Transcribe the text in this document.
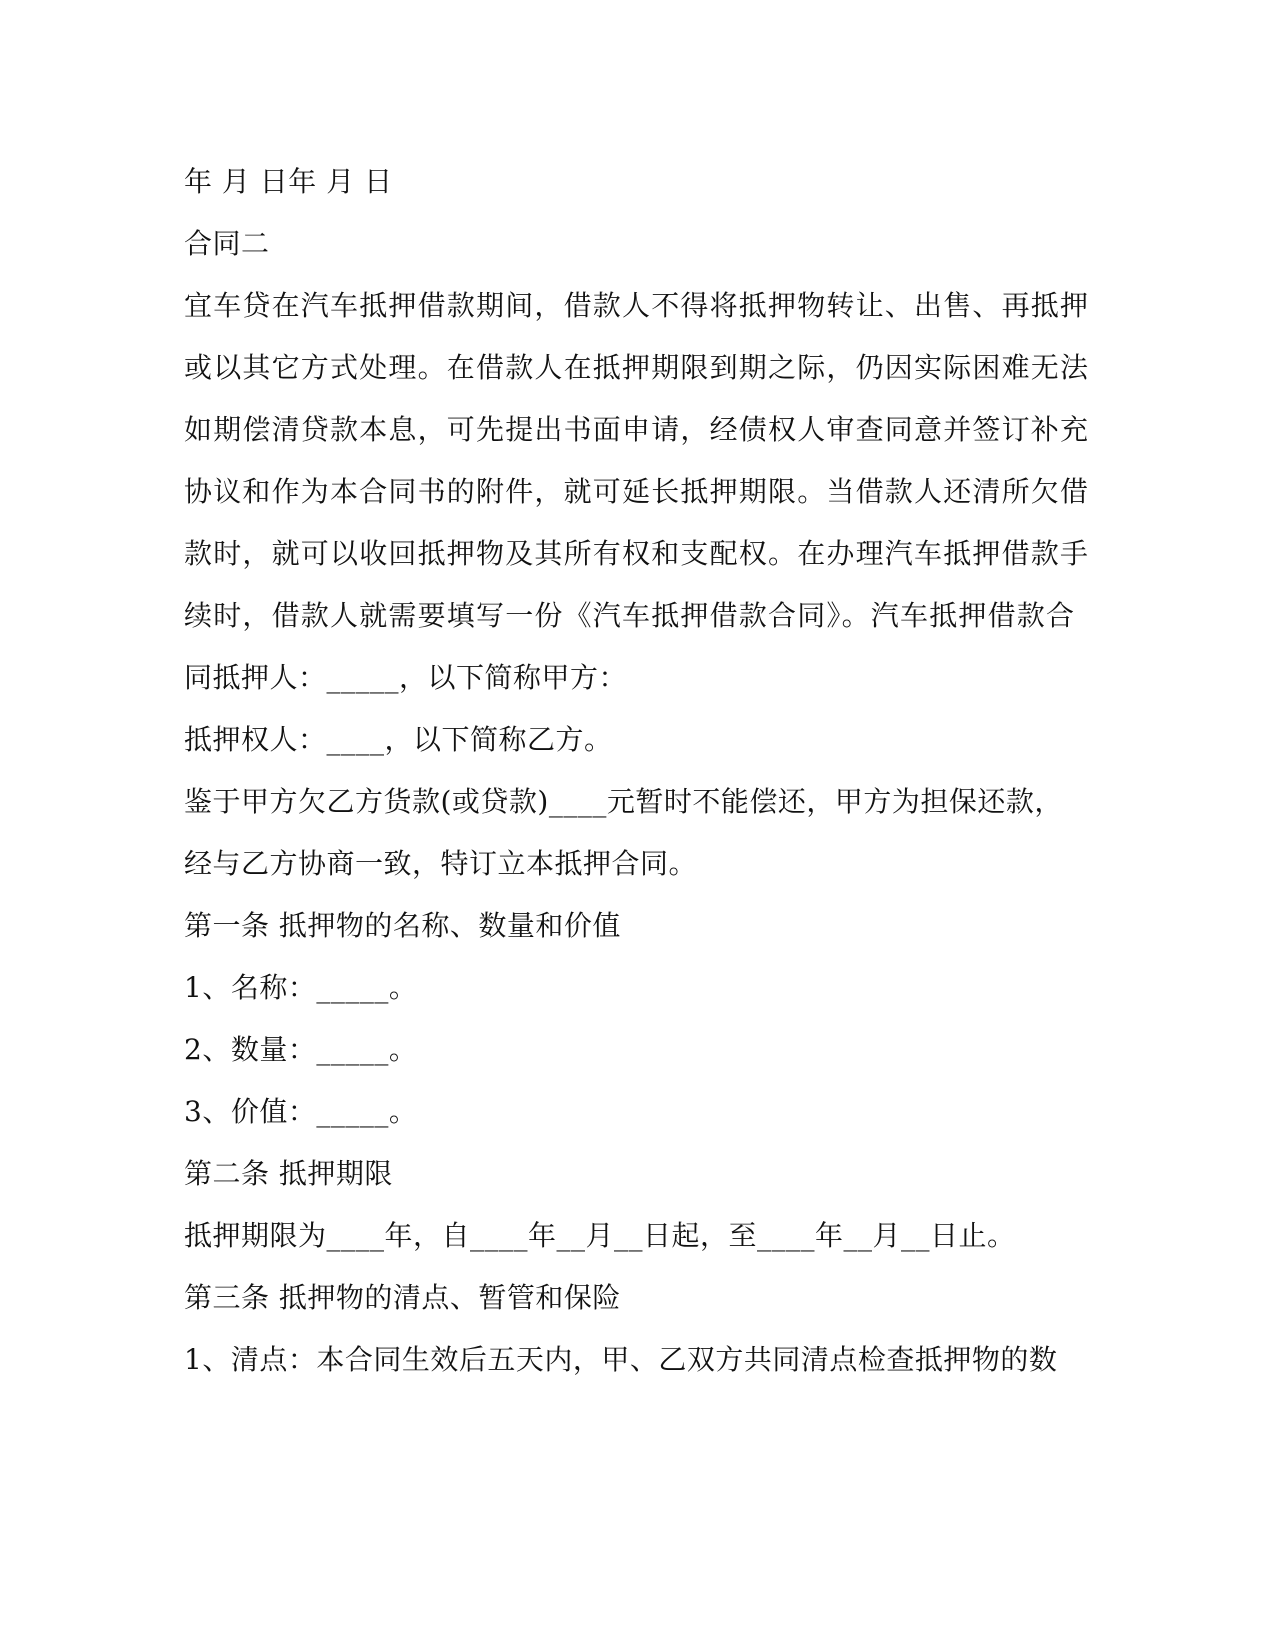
年 月 日年 月 日
合同二
宜车贷在汽车抵押借款期间，借款人不得将抵押物转让、出售、再抵押
或以其它方式处理。在借款人在抵押期限到期之际，仍因实际困难无法
如期偿清贷款本息，可先提出书面申请，经债权人审查同意并签订补充
协议和作为本合同书的附件，就可延长抵押期限。当借款人还清所欠借
款时，就可以收回抵押物及其所有权和支配权。在办理汽车抵押借款手
续时，借款人就需要填写一份《汽车抵押借款合同》。汽车抵押借款合
同抵押人：_____，以下简称甲方：
抵押权人：____，以下简称乙方。
鉴于甲方欠乙方货款(或贷款)____元暂时不能偿还，甲方为担保还款，
经与乙方协商一致，特订立本抵押合同。
第一条 抵押物的名称、数量和价值
1、名称：_____。
2、数量：_____。
3、价值：_____。
第二条 抵押期限
抵押期限为____年，自____年__月__日起，至____年__月__日止。
第三条 抵押物的清点、暂管和保险
1、清点：本合同生效后五天内，甲、乙双方共同清点检查抵押物的数
